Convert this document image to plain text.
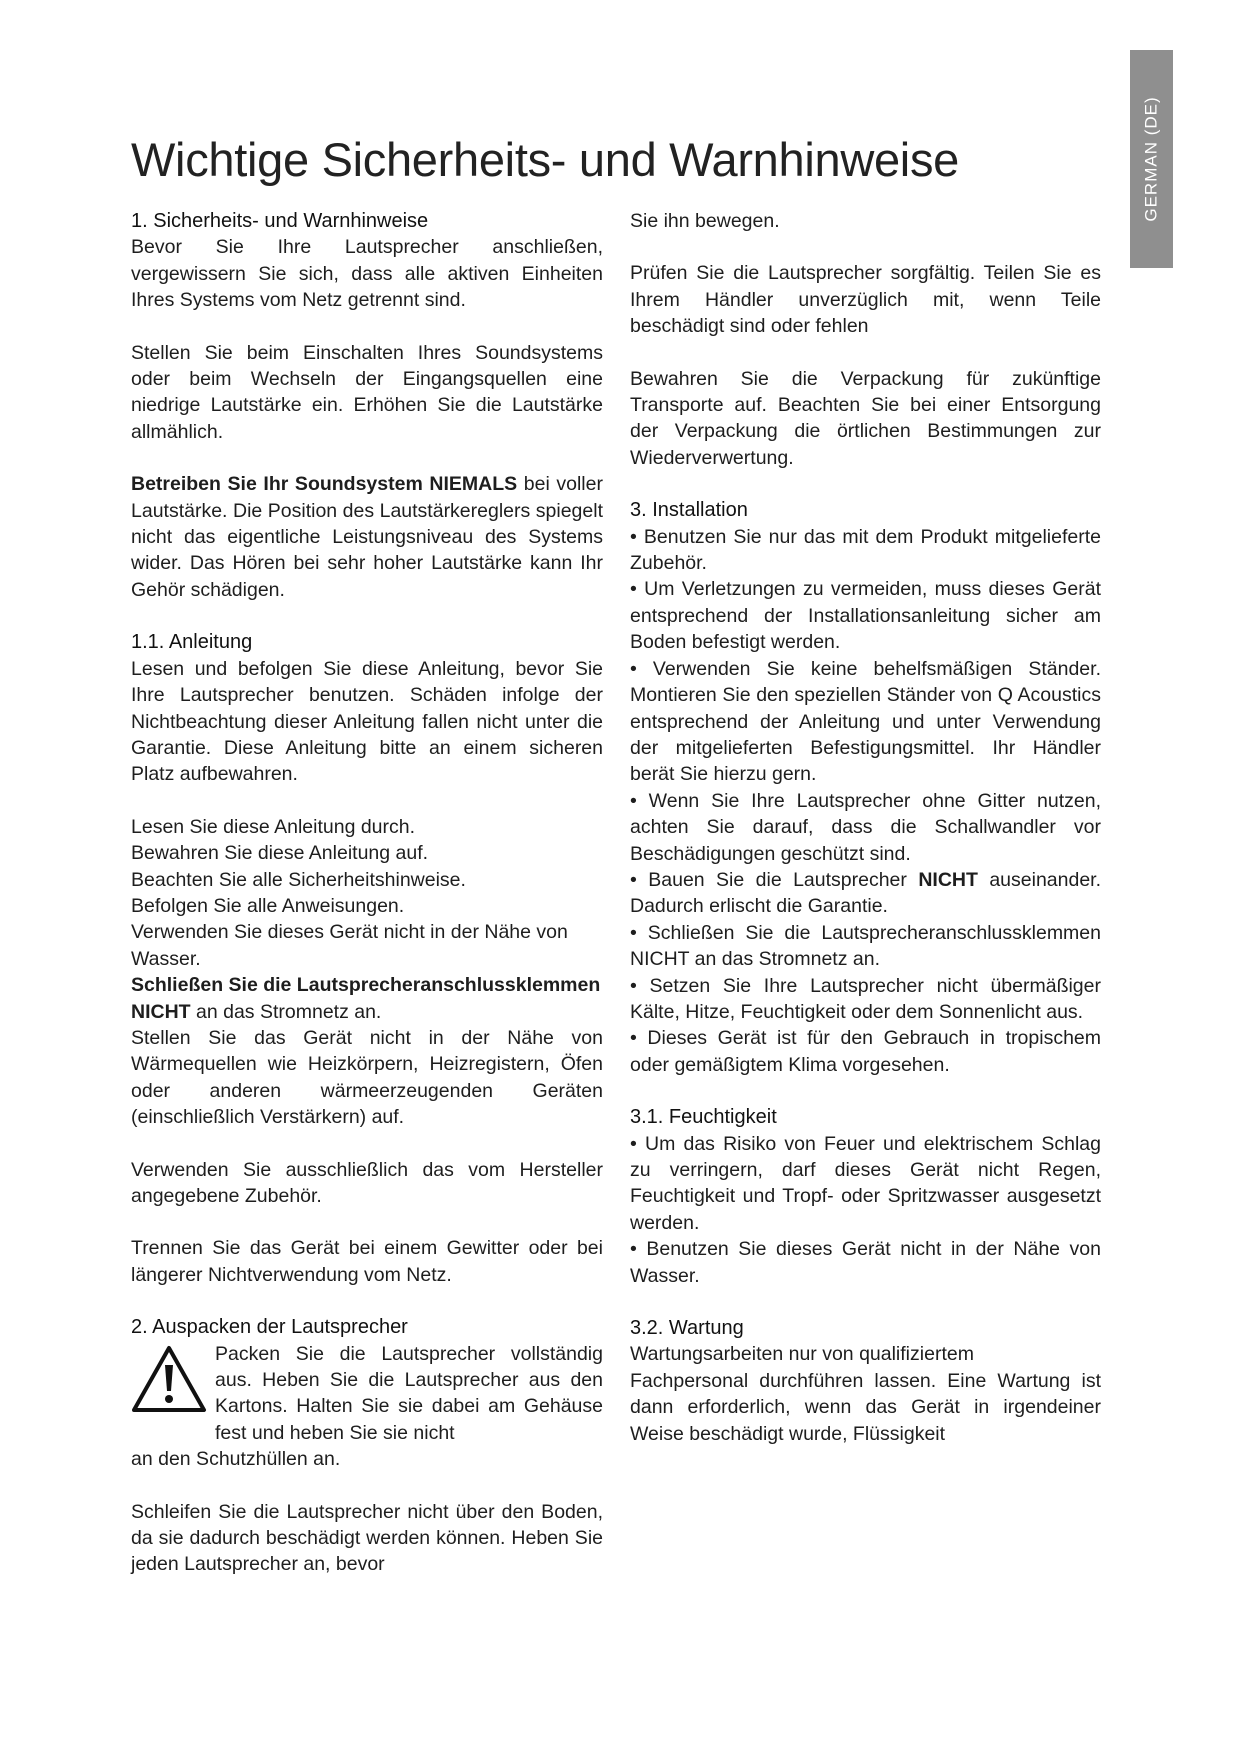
GERMAN (DE)
Wichtige Sicherheits- und Warnhinweise
1. Sicherheits- und Warnhinweise

Bevor Sie Ihre Lautsprecher anschließen, vergewissern Sie sich, dass alle aktiven Einheiten Ihres Systems vom Netz getrennt sind.

Stellen Sie beim Einschalten Ihres Soundsystems oder beim Wechseln der Eingangsquellen eine niedrige Lautstärke ein. Erhöhen Sie die Lautstärke allmählich.

Betreiben Sie Ihr Soundsystem NIEMALS bei voller Lautstärke. Die Position des Lautstärkereglers spiegelt nicht das eigentliche Leistungsniveau des Systems wider. Das Hören bei sehr hoher Lautstärke kann Ihr Gehör schädigen.

1.1. Anleitung

Lesen und befolgen Sie diese Anleitung, bevor Sie Ihre Lautsprecher benutzen. Schäden infolge der Nichtbeachtung dieser Anleitung fallen nicht unter die Garantie. Diese Anleitung bitte an einem sicheren Platz aufbewahren.

Lesen Sie diese Anleitung durch.
Bewahren Sie diese Anleitung auf.
Beachten Sie alle Sicherheitshinweise.
Befolgen Sie alle Anweisungen.
Verwenden Sie dieses Gerät nicht in der Nähe von Wasser.
Schließen Sie die Lautsprecheranschlussklemmen NICHT an das Stromnetz an.

Stellen Sie das Gerät nicht in der Nähe von Wärmequellen wie Heizkörpern, Heizregistern, Öfen oder anderen wärmeerzeugenden Geräten (einschließlich Verstärkern) auf.

Verwenden Sie ausschließlich das vom Hersteller angegebene Zubehör.

Trennen Sie das Gerät bei einem Gewitter oder bei längerer Nichtverwendung vom Netz.

2. Auspacken der Lautsprecher
Packen Sie die Lautsprecher vollständig aus. Heben Sie die Lautsprecher aus den Kartons. Halten Sie sie dabei am Gehäuse fest und heben Sie sie nicht

an den Schutzhüllen an.

Schleifen Sie die Lautsprecher nicht über den Boden, da sie dadurch beschädigt werden können. Heben Sie jeden Lautsprecher an, bevor

Sie ihn bewegen.

Prüfen Sie die Lautsprecher sorgfältig. Teilen Sie es Ihrem Händler unverzüglich mit, wenn Teile beschädigt sind oder fehlen

Bewahren Sie die Verpackung für zukünftige Transporte auf. Beachten Sie bei einer Entsorgung der Verpackung die örtlichen Bestimmungen zur Wiederverwertung.

3. Installation

• Benutzen Sie nur das mit dem Produkt mitgelieferte Zubehör.

• Um Verletzungen zu vermeiden, muss dieses Gerät entsprechend der Installationsanleitung sicher am Boden befestigt werden.

• Verwenden Sie keine behelfsmäßigen Ständer. Montieren Sie den speziellen Ständer von Q Acoustics entsprechend der Anleitung und unter Verwendung der mitgelieferten Befestigungsmittel. Ihr Händler berät Sie hierzu gern.

• Wenn Sie Ihre Lautsprecher ohne Gitter nutzen, achten Sie darauf, dass die Schallwandler vor Beschädigungen geschützt sind.

• Bauen Sie die Lautsprecher NICHT auseinander. Dadurch erlischt die Garantie.

• Schließen Sie die Lautsprecheranschlussklemmen NICHT an das Stromnetz an.

• Setzen Sie Ihre Lautsprecher nicht übermäßiger Kälte, Hitze, Feuchtigkeit oder dem Sonnenlicht aus.

• Dieses Gerät ist für den Gebrauch in tropischem oder gemäßigtem Klima vorgesehen.

3.1. Feuchtigkeit

• Um das Risiko von Feuer und elektrischem Schlag zu verringern, darf dieses Gerät nicht Regen, Feuchtigkeit und Tropf- oder Spritzwasser ausgesetzt werden.

• Benutzen Sie dieses Gerät nicht in der Nähe von Wasser.

3.2. Wartung
Wartungsarbeiten nur von qualifiziertem

Fachpersonal durchführen lassen. Eine Wartung ist dann erforderlich, wenn das Gerät in irgendeiner Weise beschädigt wurde, Flüssigkeit
